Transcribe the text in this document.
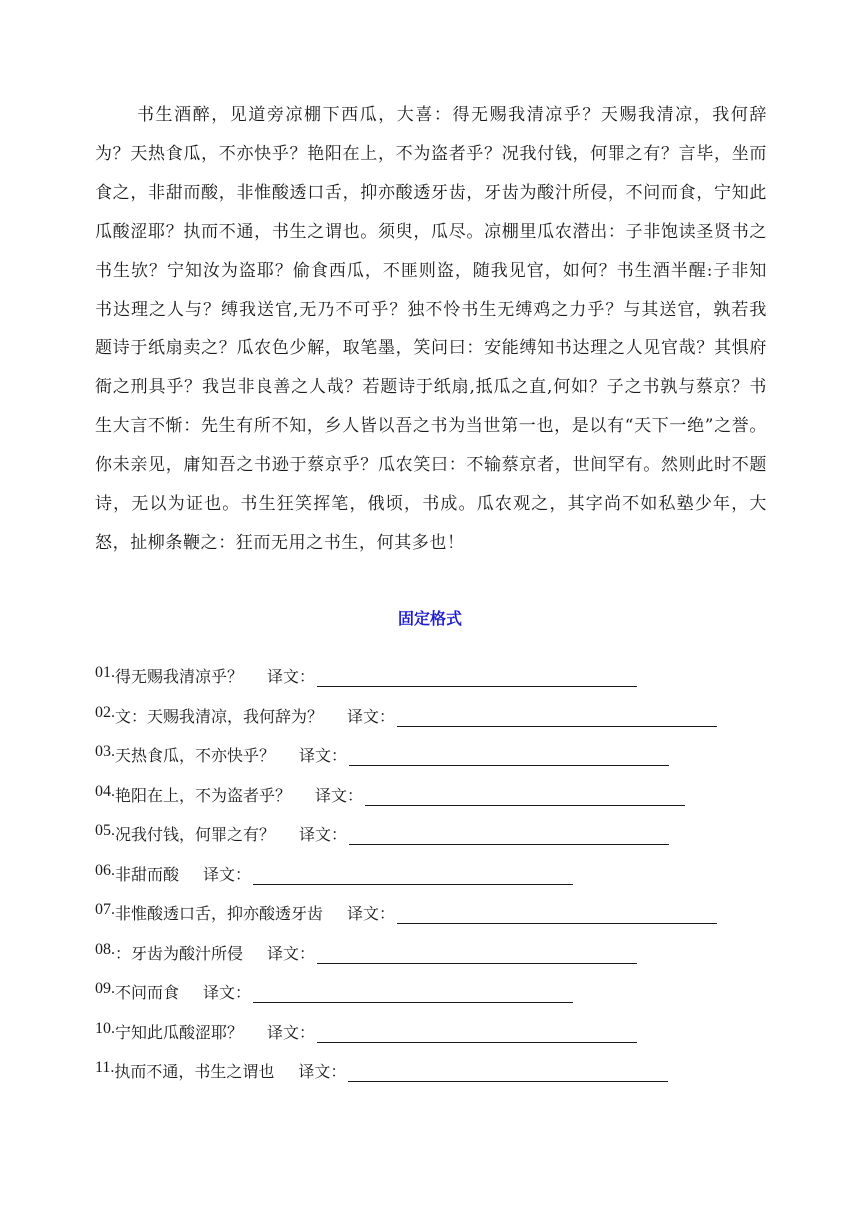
书生酒醉，见道旁凉棚下西瓜，大喜：得无赐我清凉乎？天赐我清凉，我何辞为？天热食瓜，不亦快乎？艳阳在上，不为盗者乎？况我付钱，何罪之有？言毕，坐而食之，非甜而酸，非惟酸透口舌，抑亦酸透牙齿，牙齿为酸汁所侵，不问而食，宁知此瓜酸涩耶？执而不通，书生之谓也。须臾，瓜尽。凉棚里瓜农潜出：子非饱读圣贤书之书生欤？宁知汝为盗耶？偷食西瓜，不匪则盗，随我见官，如何？书生酒半醒:子非知书达理之人与？缚我送官,无乃不可乎？独不怜书生无缚鸡之力乎？与其送官，孰若我题诗于纸扇卖之？瓜农色少解，取笔墨，笑问曰：安能缚知书达理之人见官哉？其惧府衙之刑具乎？我岂非良善之人哉？若题诗于纸扇,抵瓜之直,何如？子之书孰与蔡京？书生大言不惭：先生有所不知，乡人皆以吾之书为当世第一也，是以有“天下一绝”之誉。你未亲见，庸知吾之书逊于蔡京乎？瓜农笑曰：不输蔡京者，世间罕有。然则此时不题诗，无以为证也。书生狂笑挥笔，俄顷，书成。瓜农观之，其字尚不如私塾少年，大怒，扯柳条鞭之：狂而无用之书生，何其多也！

固定格式
01. 得无赐我清凉乎？ 译文：
02. 文：天赐我清凉，我何辞为？ 译文：
03. 天热食瓜，不亦快乎？ 译文：
04. 艳阳在上，不为盗者乎？ 译文：
05. 况我付钱，何罪之有？ 译文：
06. 非甜而酸 译文：
07. 非惟酸透口舌，抑亦酸透牙齿 译文：
08. ：牙齿为酸汁所侵 译文：
09. 不问而食 译文：
10. 宁知此瓜酸涩耶？ 译文：
11. 执而不通，书生之谓也 译文：
